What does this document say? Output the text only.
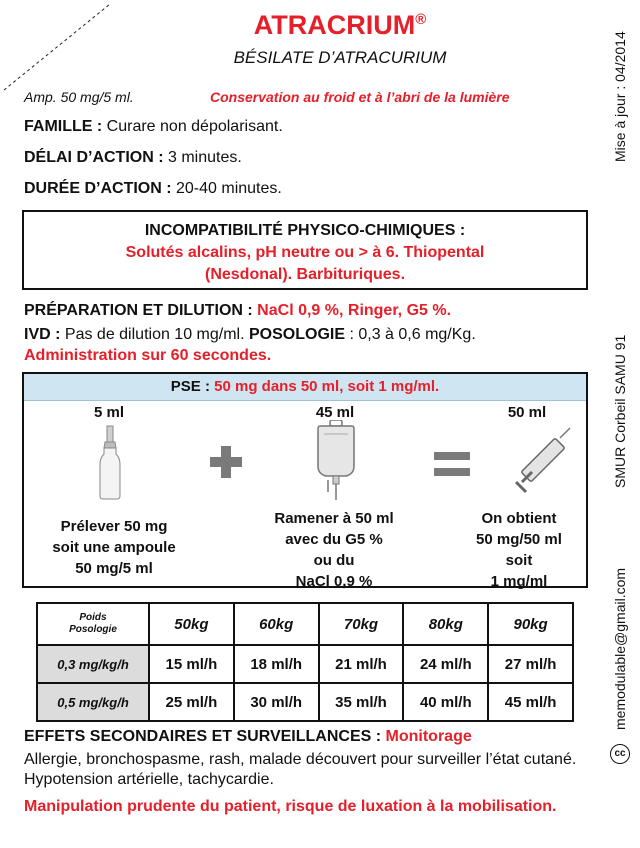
ATRACRIUM®
BÉSILATE D’ATRACURIUM
Amp. 50 mg/5 ml.	Conservation au froid et à l’abri de la lumière
FAMILLE : Curare non dépolarisant.
DÉLAI D’ACTION : 3 minutes.
DURÉE D’ACTION : 20-40 minutes.
INCOMPATIBILITÉ PHYSICO-CHIMIQUES :
Solutés alcalins, pH neutre ou > à 6. Thiopental
(Nesdonal). Barbituriques.
PRÉPARATION ET DILUTION : NaCl 0,9 %, Ringer, G5 %.
IVD : Pas de dilution 10 mg/ml. POSOLOGIE : 0,3 à 0,6 mg/Kg.
Administration sur 60 secondes.
PSE : 50 mg dans 50 ml, soit 1 mg/ml.
5 ml	45 ml	50 ml
Prélever 50 mg
soit une ampoule
50 mg/5 ml
Ramener à 50 ml
avec du G5 %
ou du
NaCl 0,9 %
On obtient
50 mg/50 ml
soit
1 mg/ml
Poids
Posologie	50kg	60kg	70kg	80kg	90kg
0,3 mg/kg/h	15 ml/h	18 ml/h	21 ml/h	24 ml/h	27 ml/h
0,5 mg/kg/h	25 ml/h	30 ml/h	35 ml/h	40 ml/h	45 ml/h
EFFETS SECONDAIRES ET SURVEILLANCES : Monitorage
Allergie, bronchospasme, rash, malade découvert pour surveiller l’état cutané. Hypotension artérielle, tachycardie.
Manipulation prudente du patient, risque de luxation à la mobilisation.
Mise à jour : 04/2014
SMUR Corbeil SAMU 91
memodulable@gmail.com
cc
